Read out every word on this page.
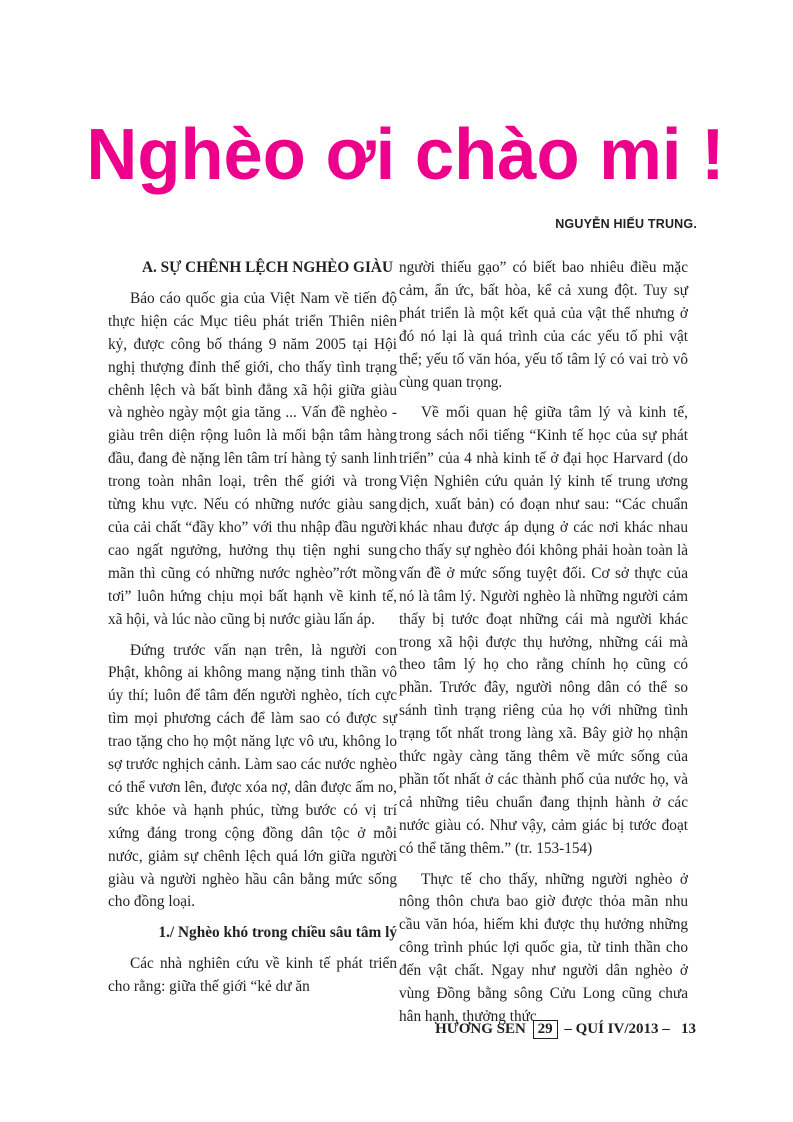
Nghèo ơi chào mi !
NGUYỄN HIẾU TRUNG.
A. SỰ CHÊNH LỆCH NGHÈO GIÀU

Báo cáo quốc gia của Việt Nam về tiến độ thực hiện các Mục tiêu phát triển Thiên niên kỷ, được công bố tháng 9 năm 2005 tại Hội nghị thượng đỉnh thế giới, cho thấy tình trạng chênh lệch và bất bình đẳng xã hội giữa giàu và nghèo ngày một gia tăng ... Vấn đề nghèo - giàu trên diện rộng luôn là mối bận tâm hàng đầu, đang đè nặng lên tâm trí hàng tỷ sanh linh trong toàn nhân loại, trên thế giới và trong từng khu vực. Nếu có những nước giàu sang của cải chất “đầy kho” với thu nhập đầu người cao ngất ngưởng, hưởng thụ tiện nghi sung mãn thì cũng có những nước nghèo”rớt mồng tơi” luôn hứng chịu mọi bất hạnh về kinh tế, xã hội, và lúc nào cũng bị nước giàu lấn áp.

Đứng trước vấn nạn trên, là người con Phật, không ai không mang nặng tinh thần vô úy thí; luôn để tâm đến người nghèo, tích cực tìm mọi phương cách để làm sao có được sự trao tặng cho họ một năng lực vô ưu, không lo sợ trước nghịch cảnh. Làm sao các nước nghèo có thể vươn lên, được xóa nợ, dân được ấm no, sức khỏe và hạnh phúc, từng bước có vị trí xứng đáng trong cộng đồng dân tộc ở mỗi nước, giảm sự chênh lệch quá lớn giữa người giàu và người nghèo hầu cân bằng mức sống cho đồng loại.

1./ Nghèo khó trong chiều sâu tâm lý

Các nhà nghiên cứu về kinh tế phát triển cho rằng: giữa thế giới “kẻ dư ăn

người thiếu gạo” có biết bao nhiêu điều mặc cảm, ẩn ức, bất hòa, kể cả xung đột. Tuy sự phát triển là một kết quả của vật thể nhưng ở đó nó lại là quá trình của các yếu tố phi vật thể; yếu tố văn hóa, yếu tố tâm lý có vai trò vô cùng quan trọng.

Về mối quan hệ giữa tâm lý và kinh tế, trong sách nổi tiếng “Kinh tế học của sự phát triển” của 4 nhà kinh tế ở đại học Harvard (do Viện Nghiên cứu quản lý kinh tế trung ương dịch, xuất bản) có đoạn như sau: “Các chuẩn khác nhau được áp dụng ở các nơi khác nhau cho thấy sự nghèo đói không phải hoàn toàn là vấn đề ở mức sống tuyệt đối. Cơ sở thực của nó là tâm lý. Người nghèo là những người cảm thấy bị tước đoạt những cái mà người khác trong xã hội được thụ hưởng, những cái mà theo tâm lý họ cho rằng chính họ cũng có phần. Trước đây, người nông dân có thể so sánh tình trạng riêng của họ với những tình trạng tốt nhất trong làng xã. Bây giờ họ nhận thức ngày càng tăng thêm về mức sống của phần tốt nhất ở các thành phố của nước họ, và cả những tiêu chuẩn đang thịnh hành ở các nước giàu có. Như vậy, cảm giác bị tước đoạt có thể tăng thêm.” (tr. 153-154)

Thực tế cho thấy, những người nghèo ở nông thôn chưa bao giờ được thỏa mãn nhu cầu văn hóa, hiếm khi được thụ hưởng những công trình phúc lợi quốc gia, từ tinh thần cho đến vật chất. Ngay như người dân nghèo ở vùng Đồng bằng sông Cửu Long cũng chưa hân hạnh, thưởng thức

HƯƠNG SEN 29 – QUÍ IV/2013 – 13
